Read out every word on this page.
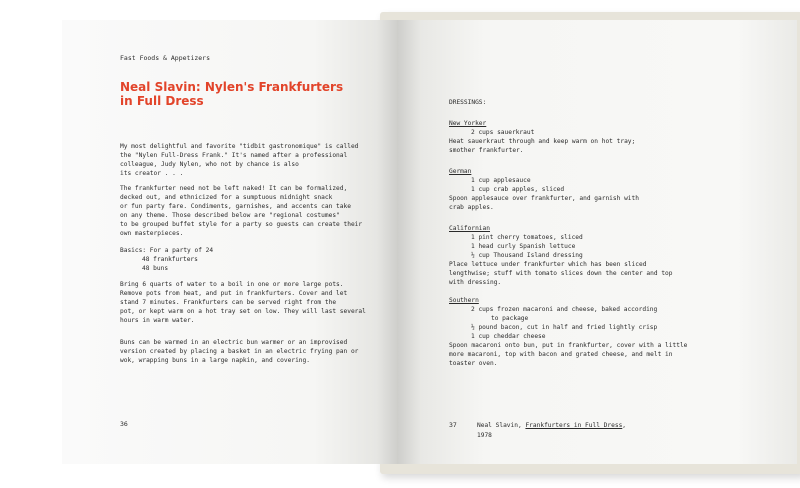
Fast Foods & Appetizers
Neal Slavin: Nylen's Frankfurters
in Full Dress
My most delightful and favorite "tidbit gastronomique" is called
the "Nylen Full-Dress Frank." It's named after a professional
colleague, Judy Nylen, who not by chance is also
its creator . . .
The frankfurter need not be left naked! It can be formalized,
decked out, and ethnicized for a sumptuous midnight snack
or fun party fare. Condiments, garnishes, and accents can take
on any theme. Those described below are "regional costumes"
to be grouped buffet style for a party so guests can create their
own masterpieces.
Basics: For a party of 24
48 frankfurters
48 buns
Bring 6 quarts of water to a boil in one or more large pots.
Remove pots from heat, and put in frankfurters. Cover and let
stand 7 minutes. Frankfurters can be served right from the
pot, or kept warm on a hot tray set on low. They will last several
hours in warm water.
Buns can be warmed in an electric bun warmer or an improvised
version created by placing a basket in an electric frying pan or
wok, wrapping buns in a large napkin, and covering.
36
DRESSINGS:
New Yorker
2 cups sauerkraut
Heat sauerkraut through and keep warm on hot tray;
smother frankfurter.
German
1 cup applesauce
1 cup crab apples, sliced
Spoon applesauce over frankfurter, and garnish with
crab apples.
Californian
1 pint cherry tomatoes, sliced
1 head curly Spanish lettuce
½ cup Thousand Island dressing
Place lettuce under frankfurter which has been sliced
lengthwise; stuff with tomato slices down the center and top
with dressing.
Southern
2 cups frozen macaroni and cheese, baked according
to package
½ pound bacon, cut in half and fried lightly crisp
1 cup cheddar cheese
Spoon macaroni onto bun, put in frankfurter, cover with a little
more macaroni, top with bacon and grated cheese, and melt in
toaster oven.
37	Neal Slavin, Frankfurters in Full Dress,
1978
